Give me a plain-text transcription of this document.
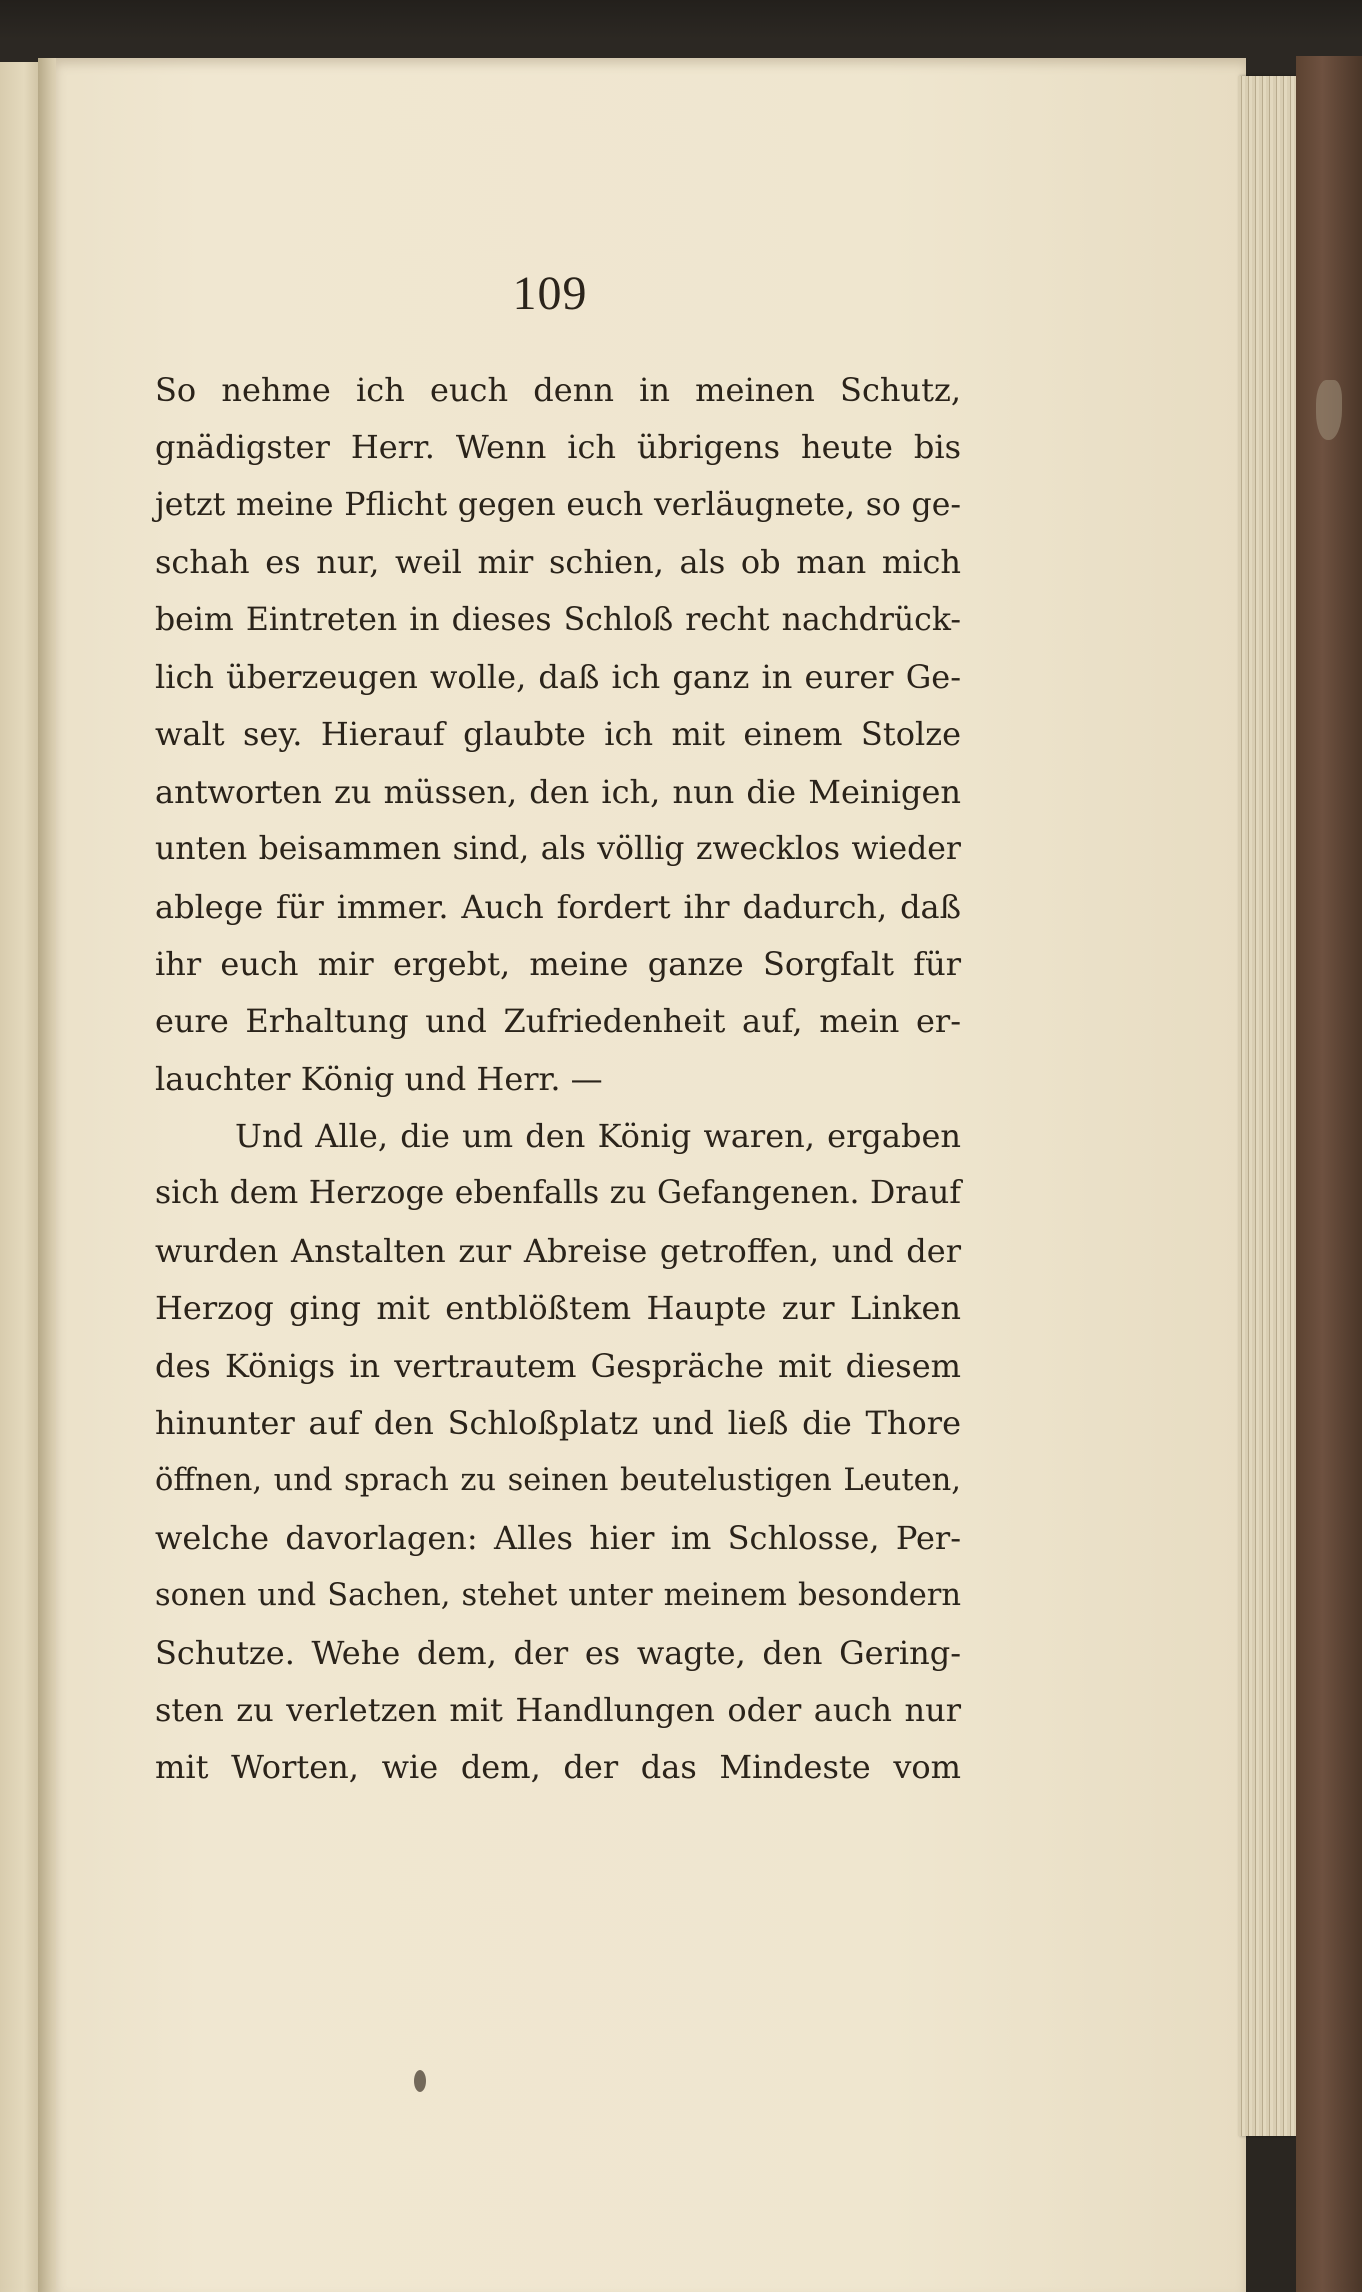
109
So nehme ich euch denn in meinen Schutz,
gnädigster Herr. Wenn ich übrigens heute bis
jetzt meine Pflicht gegen euch verläugnete, so ge-
schah es nur, weil mir schien, als ob man mich
beim Eintreten in dieses Schloß recht nachdrück-
lich überzeugen wolle, daß ich ganz in eurer Ge-
walt sey. Hierauf glaubte ich mit einem Stolze
antworten zu müssen, den ich, nun die Meinigen
unten beisammen sind, als völlig zwecklos wieder
ablege für immer. Auch fordert ihr dadurch, daß
ihr euch mir ergebt, meine ganze Sorgfalt für
eure Erhaltung und Zufriedenheit auf, mein er-
lauchter König und Herr. —
Und Alle, die um den König waren, ergaben
sich dem Herzoge ebenfalls zu Gefangenen. Drauf
wurden Anstalten zur Abreise getroffen, und der
Herzog ging mit entblößtem Haupte zur Linken
des Königs in vertrautem Gespräche mit diesem
hinunter auf den Schloßplatz und ließ die Thore
öffnen, und sprach zu seinen beutelustigen Leuten,
welche davorlagen: Alles hier im Schlosse, Per-
sonen und Sachen, stehet unter meinem besondern
Schutze. Wehe dem, der es wagte, den Gering-
sten zu verletzen mit Handlungen oder auch nur
mit Worten, wie dem, der das Mindeste vom
